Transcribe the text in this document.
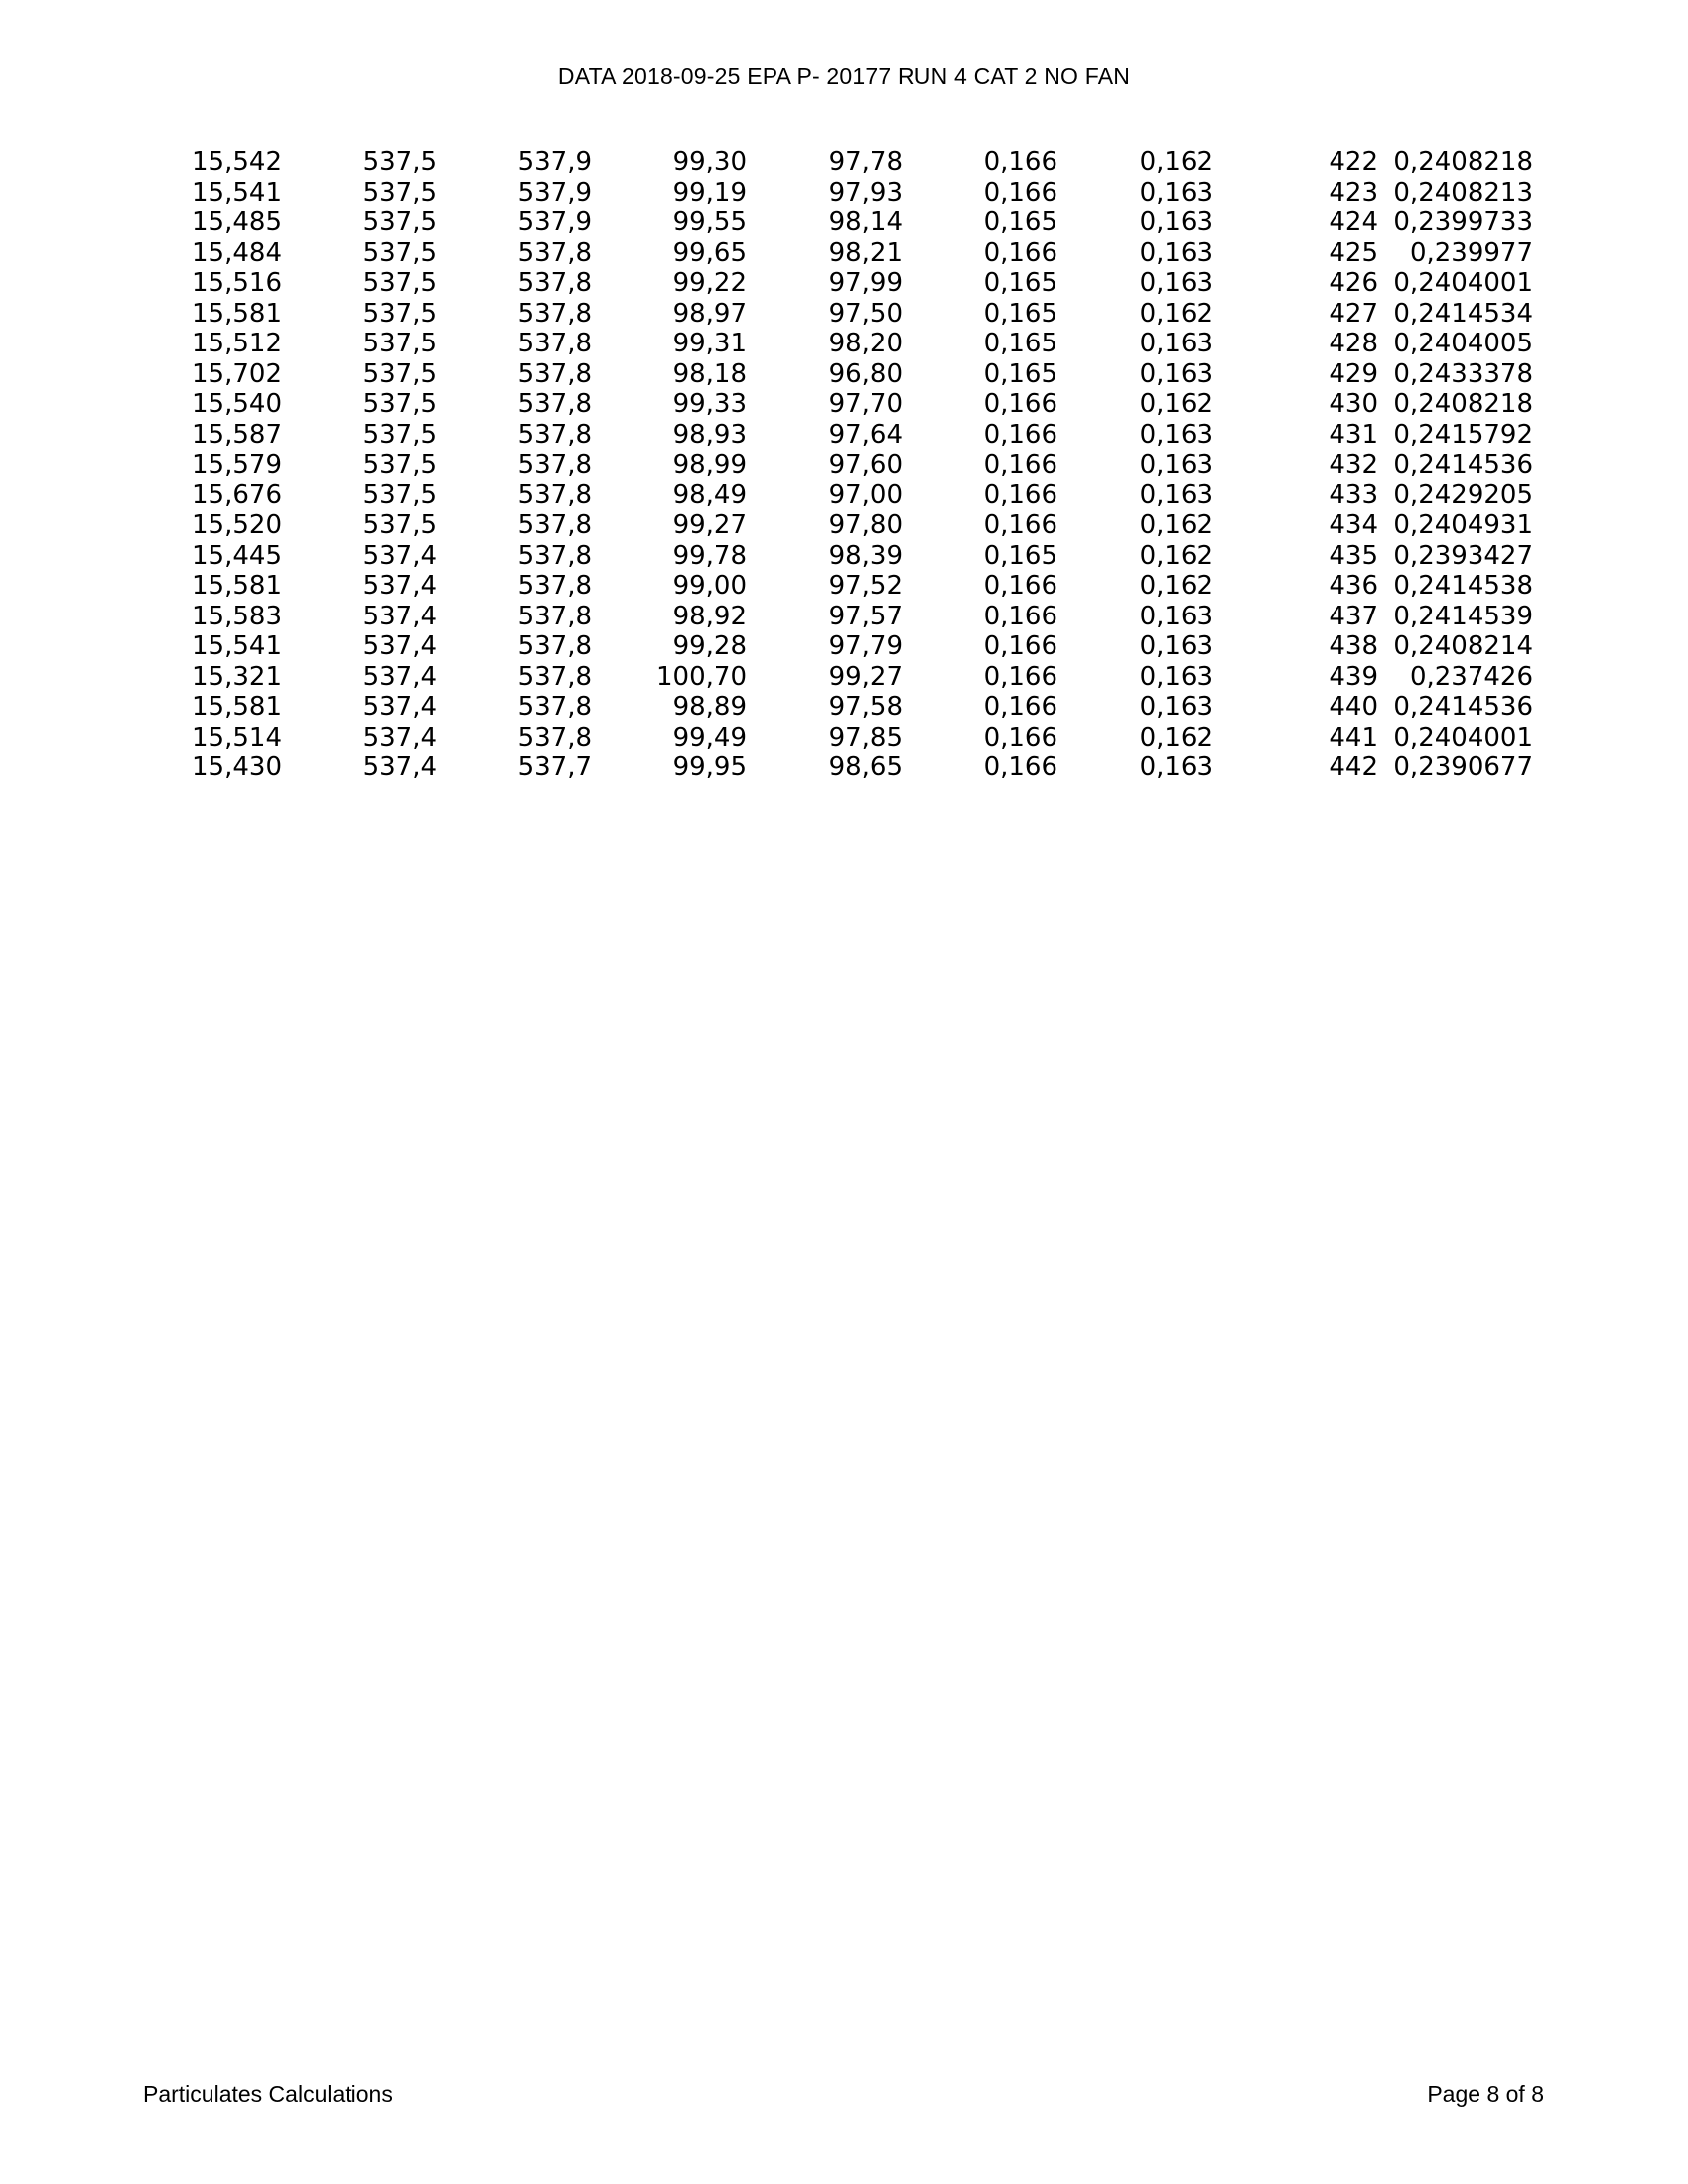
DATA 2018-09-25 EPA P- 20177 RUN 4 CAT 2 NO FAN
15,542	537,5	537,9	99,30	97,78	0,166	0,162	422	0,2408218
15,541	537,5	537,9	99,19	97,93	0,166	0,163	423	0,2408213
15,485	537,5	537,9	99,55	98,14	0,165	0,163	424	0,2399733
15,484	537,5	537,8	99,65	98,21	0,166	0,163	425	0,239977
15,516	537,5	537,8	99,22	97,99	0,165	0,163	426	0,2404001
15,581	537,5	537,8	98,97	97,50	0,165	0,162	427	0,2414534
15,512	537,5	537,8	99,31	98,20	0,165	0,163	428	0,2404005
15,702	537,5	537,8	98,18	96,80	0,165	0,163	429	0,2433378
15,540	537,5	537,8	99,33	97,70	0,166	0,162	430	0,2408218
15,587	537,5	537,8	98,93	97,64	0,166	0,163	431	0,2415792
15,579	537,5	537,8	98,99	97,60	0,166	0,163	432	0,2414536
15,676	537,5	537,8	98,49	97,00	0,166	0,163	433	0,2429205
15,520	537,5	537,8	99,27	97,80	0,166	0,162	434	0,2404931
15,445	537,4	537,8	99,78	98,39	0,165	0,162	435	0,2393427
15,581	537,4	537,8	99,00	97,52	0,166	0,162	436	0,2414538
15,583	537,4	537,8	98,92	97,57	0,166	0,163	437	0,2414539
15,541	537,4	537,8	99,28	97,79	0,166	0,163	438	0,2408214
15,321	537,4	537,8	100,70	99,27	0,166	0,163	439	0,237426
15,581	537,4	537,8	98,89	97,58	0,166	0,163	440	0,2414536
15,514	537,4	537,8	99,49	97,85	0,166	0,162	441	0,2404001
15,430	537,4	537,7	99,95	98,65	0,166	0,163	442	0,2390677
Particulates Calculations	Page 8 of 8
